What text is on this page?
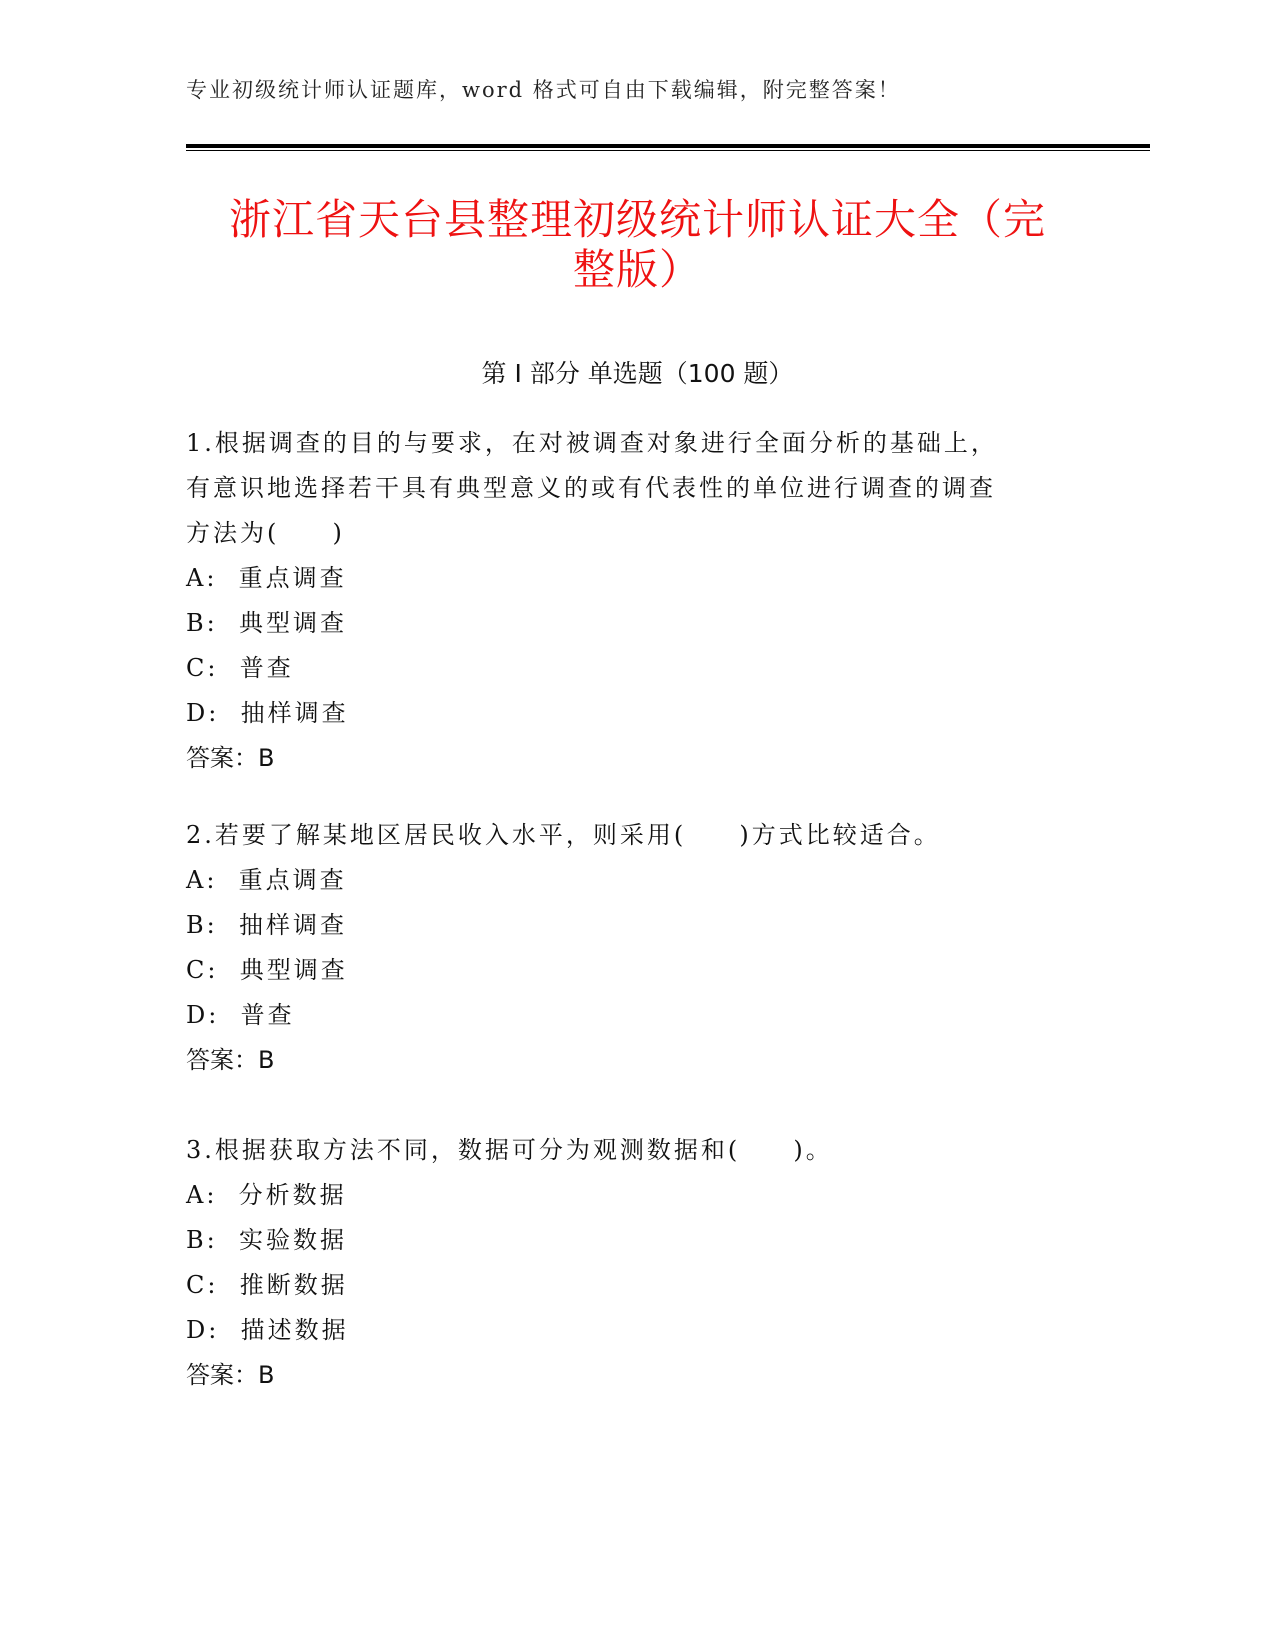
专业初级统计师认证题库，word 格式可自由下载编辑，附完整答案！
浙江省天台县整理初级统计师认证大全（完
整版）
第 I 部分 单选题（100 题）

1.根据调查的目的与要求，在对被调查对象进行全面分析的基础上，

有意识地选择若干具有典型意义的或有代表性的单位进行调查的调查

方法为(     )

A:  重点调查

B:  典型调查

C:  普查

D:  抽样调查

答案：B

2.若要了解某地区居民收入水平，则采用(     )方式比较适合。

A:  重点调查

B:  抽样调查

C:  典型调查

D:  普查

答案：B

3.根据获取方法不同，数据可分为观测数据和(     )。

A:  分析数据

B:  实验数据

C:  推断数据

D:  描述数据

答案：B
